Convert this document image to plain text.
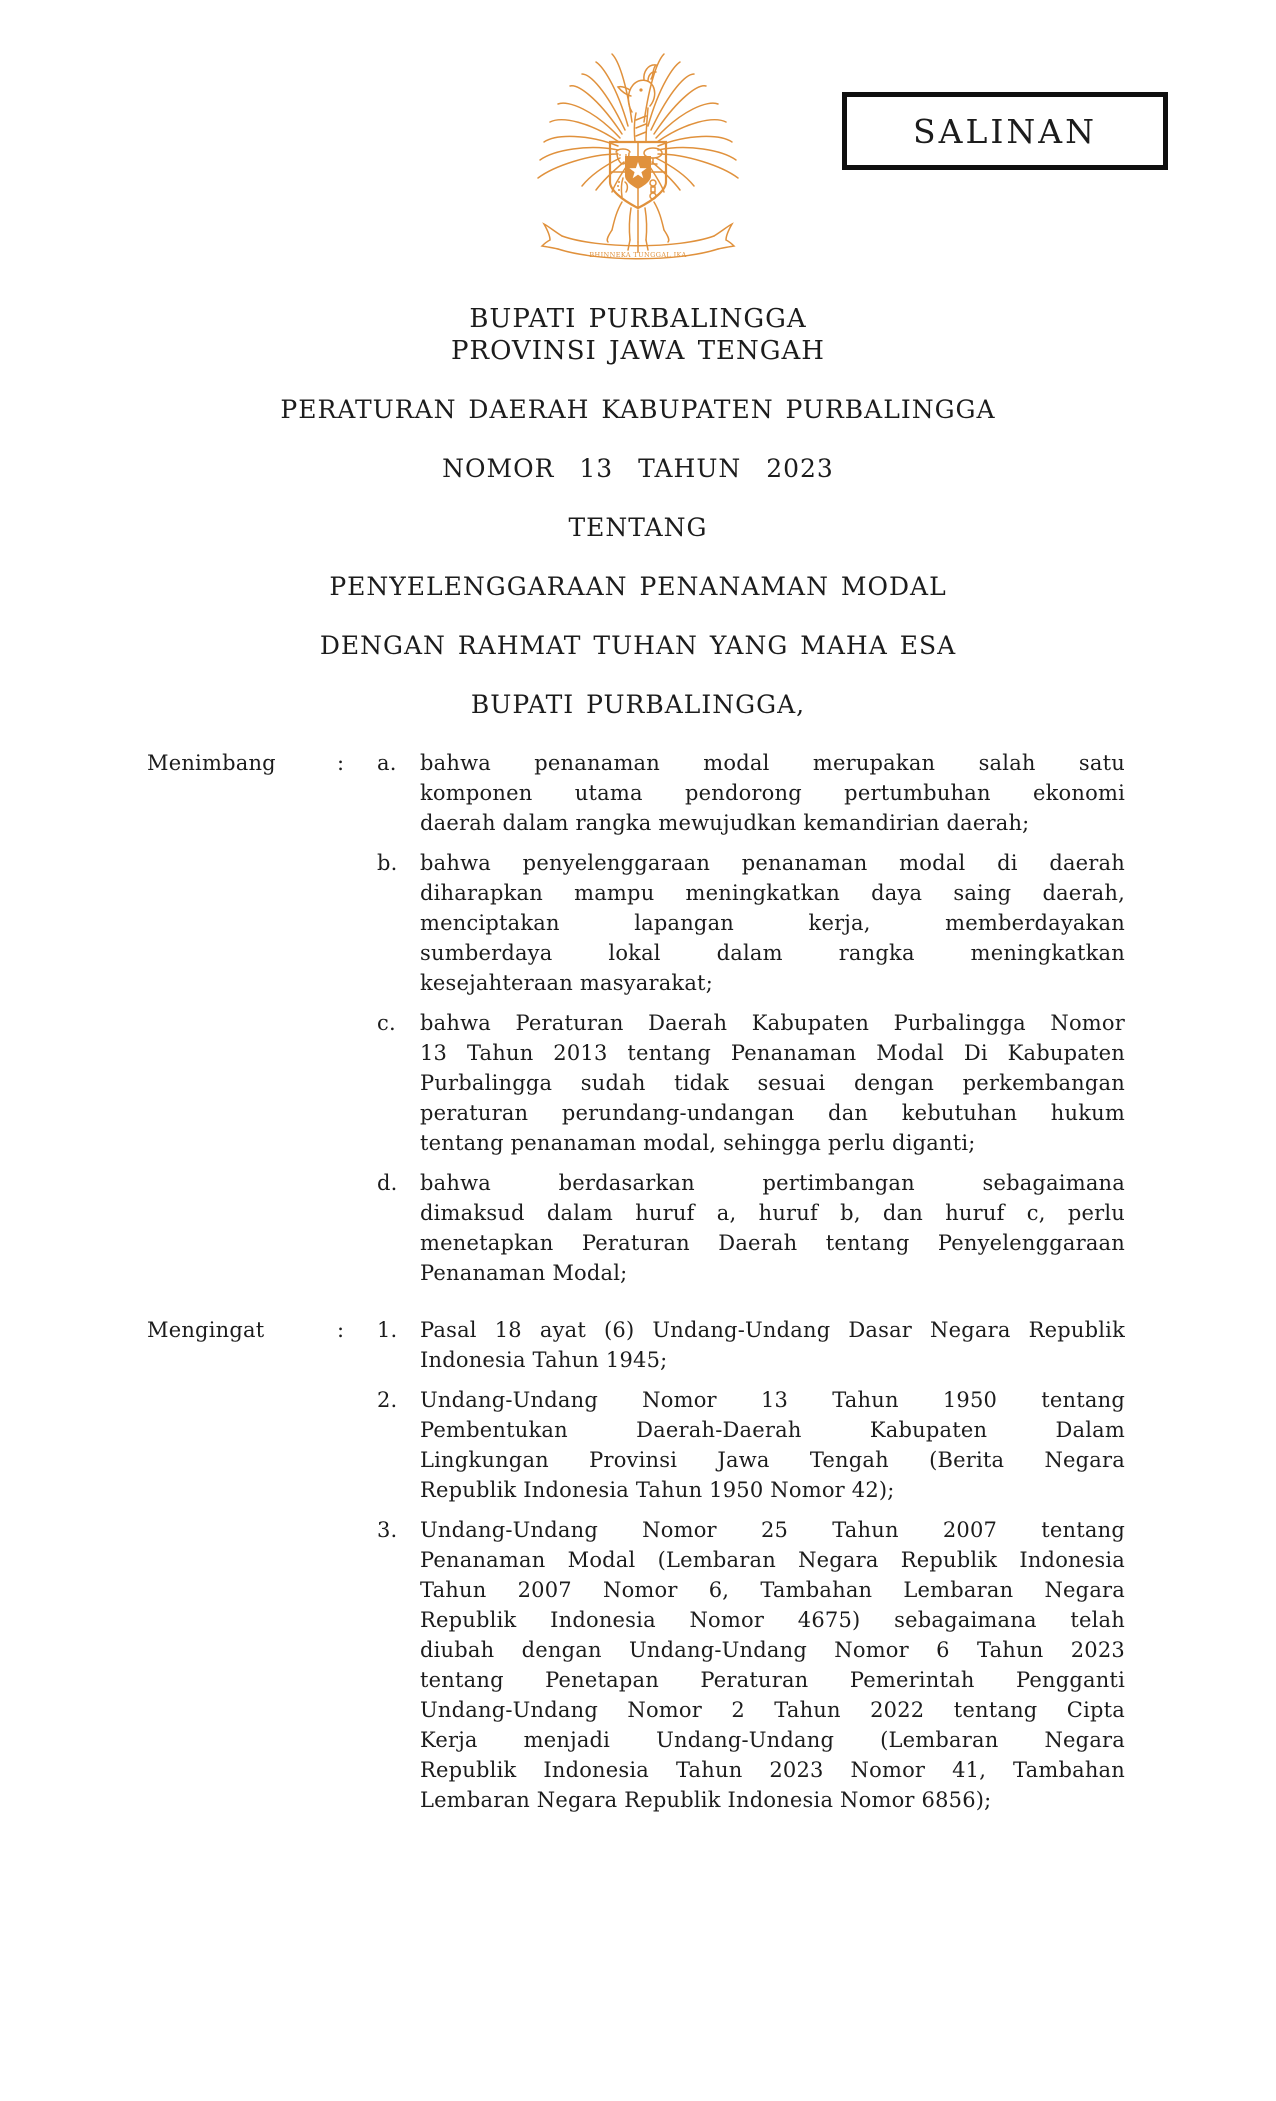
BHINNEKA TUNGGAL IKA
SALINAN
BUPATI PURBALINGGA
PROVINSI JAWA TENGAH
PERATURAN DAERAH KABUPATEN PURBALINGGA
NOMOR 13 TAHUN 2023
TENTANG
PENYELENGGARAAN PENANAMAN MODAL
DENGAN RAHMAT TUHAN YANG MAHA ESA
BUPATI PURBALINGGA,
Menimbang	:	a.	bahwa penanaman modal merupakan salah satu
komponen utama pendorong pertumbuhan ekonomi
daerah dalam rangka mewujudkan kemandirian daerah;
b.	bahwa penyelenggaraan penanaman modal di daerah
diharapkan mampu meningkatkan daya saing daerah,
menciptakan lapangan kerja, memberdayakan
sumberdaya lokal dalam rangka meningkatkan
kesejahteraan masyarakat;
c.	bahwa Peraturan Daerah Kabupaten Purbalingga Nomor
13 Tahun 2013 tentang Penanaman Modal Di Kabupaten
Purbalingga sudah tidak sesuai dengan perkembangan
peraturan perundang-undangan dan kebutuhan hukum
tentang penanaman modal, sehingga perlu diganti;
d.	bahwa berdasarkan pertimbangan sebagaimana
dimaksud dalam huruf a, huruf b, dan huruf c, perlu
menetapkan Peraturan Daerah tentang Penyelenggaraan
Penanaman Modal;
Mengingat	:	1.	Pasal 18 ayat (6) Undang-Undang Dasar Negara Republik
Indonesia Tahun 1945;
2.	Undang-Undang Nomor 13 Tahun 1950 tentang
Pembentukan Daerah-Daerah Kabupaten Dalam
Lingkungan Provinsi Jawa Tengah (Berita Negara
Republik Indonesia Tahun 1950 Nomor 42);
3.	Undang-Undang Nomor 25 Tahun 2007 tentang
Penanaman Modal (Lembaran Negara Republik Indonesia
Tahun 2007 Nomor 6, Tambahan Lembaran Negara
Republik Indonesia Nomor 4675) sebagaimana telah
diubah dengan Undang-Undang Nomor 6 Tahun 2023
tentang Penetapan Peraturan Pemerintah Pengganti
Undang-Undang Nomor 2 Tahun 2022 tentang Cipta
Kerja menjadi Undang-Undang (Lembaran Negara
Republik Indonesia Tahun 2023 Nomor 41, Tambahan
Lembaran Negara Republik Indonesia Nomor 6856);
